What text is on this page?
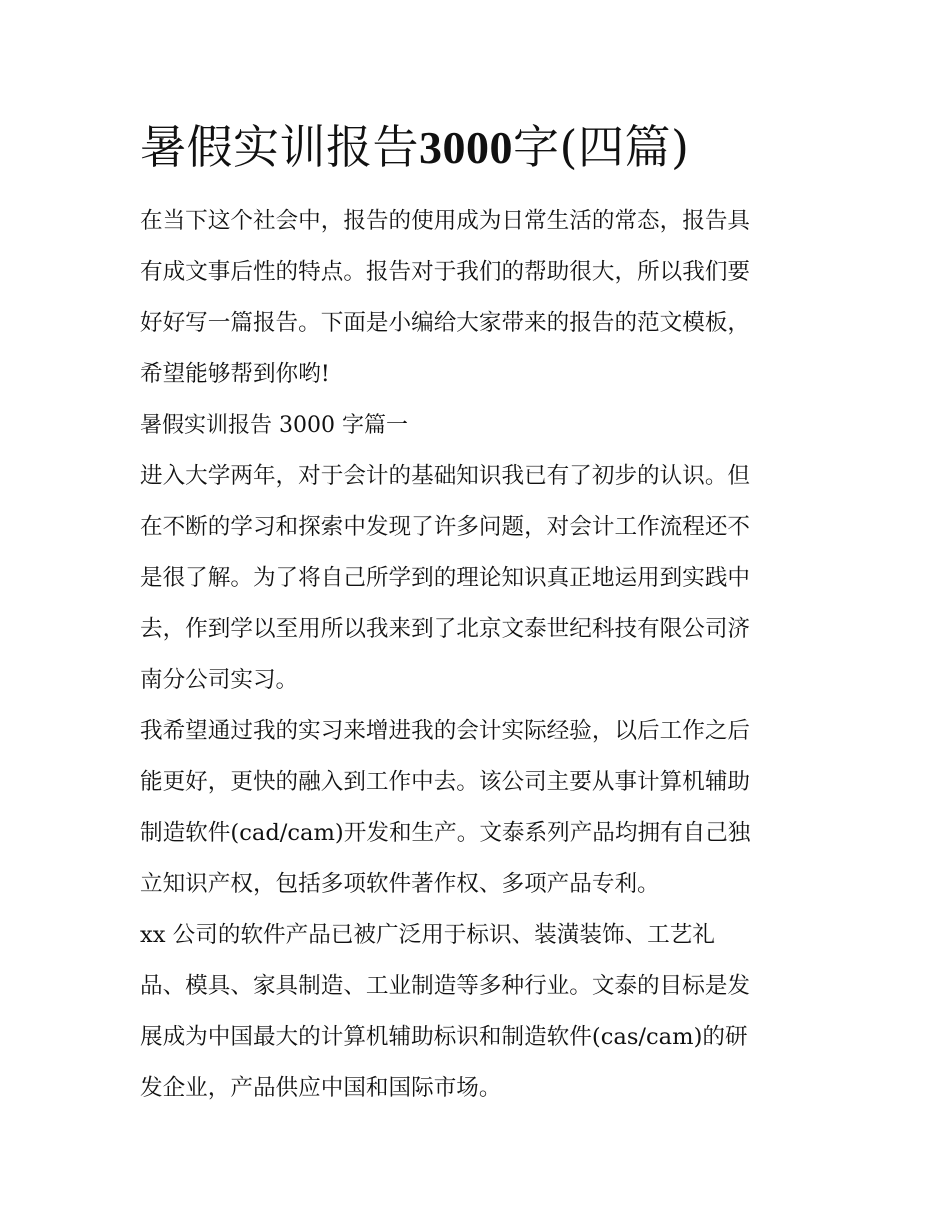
暑假实训报告3000字(四篇)

在当下这个社会中，报告的使用成为日常生活的常态，报告具

有成文事后性的特点。报告对于我们的帮助很大，所以我们要

好好写一篇报告。下面是小编给大家带来的报告的范文模板，

希望能够帮到你哟!

暑假实训报告 3000 字篇一

进入大学两年，对于会计的基础知识我已有了初步的认识。但

在不断的学习和探索中发现了许多问题，对会计工作流程还不

是很了解。为了将自己所学到的理论知识真正地运用到实践中

去，作到学以至用所以我来到了北京文泰世纪科技有限公司济

南分公司实习。

我希望通过我的实习来增进我的会计实际经验，以后工作之后

能更好，更快的融入到工作中去。该公司主要从事计算机辅助

制造软件(cad/cam)开发和生产。文泰系列产品均拥有自己独

立知识产权，包括多项软件著作权、多项产品专利。

xx 公司的软件产品已被广泛用于标识、装潢装饰、工艺礼

品、模具、家具制造、工业制造等多种行业。文泰的目标是发

展成为中国最大的计算机辅助标识和制造软件(cas/cam)的研

发企业，产品供应中国和国际市场。
